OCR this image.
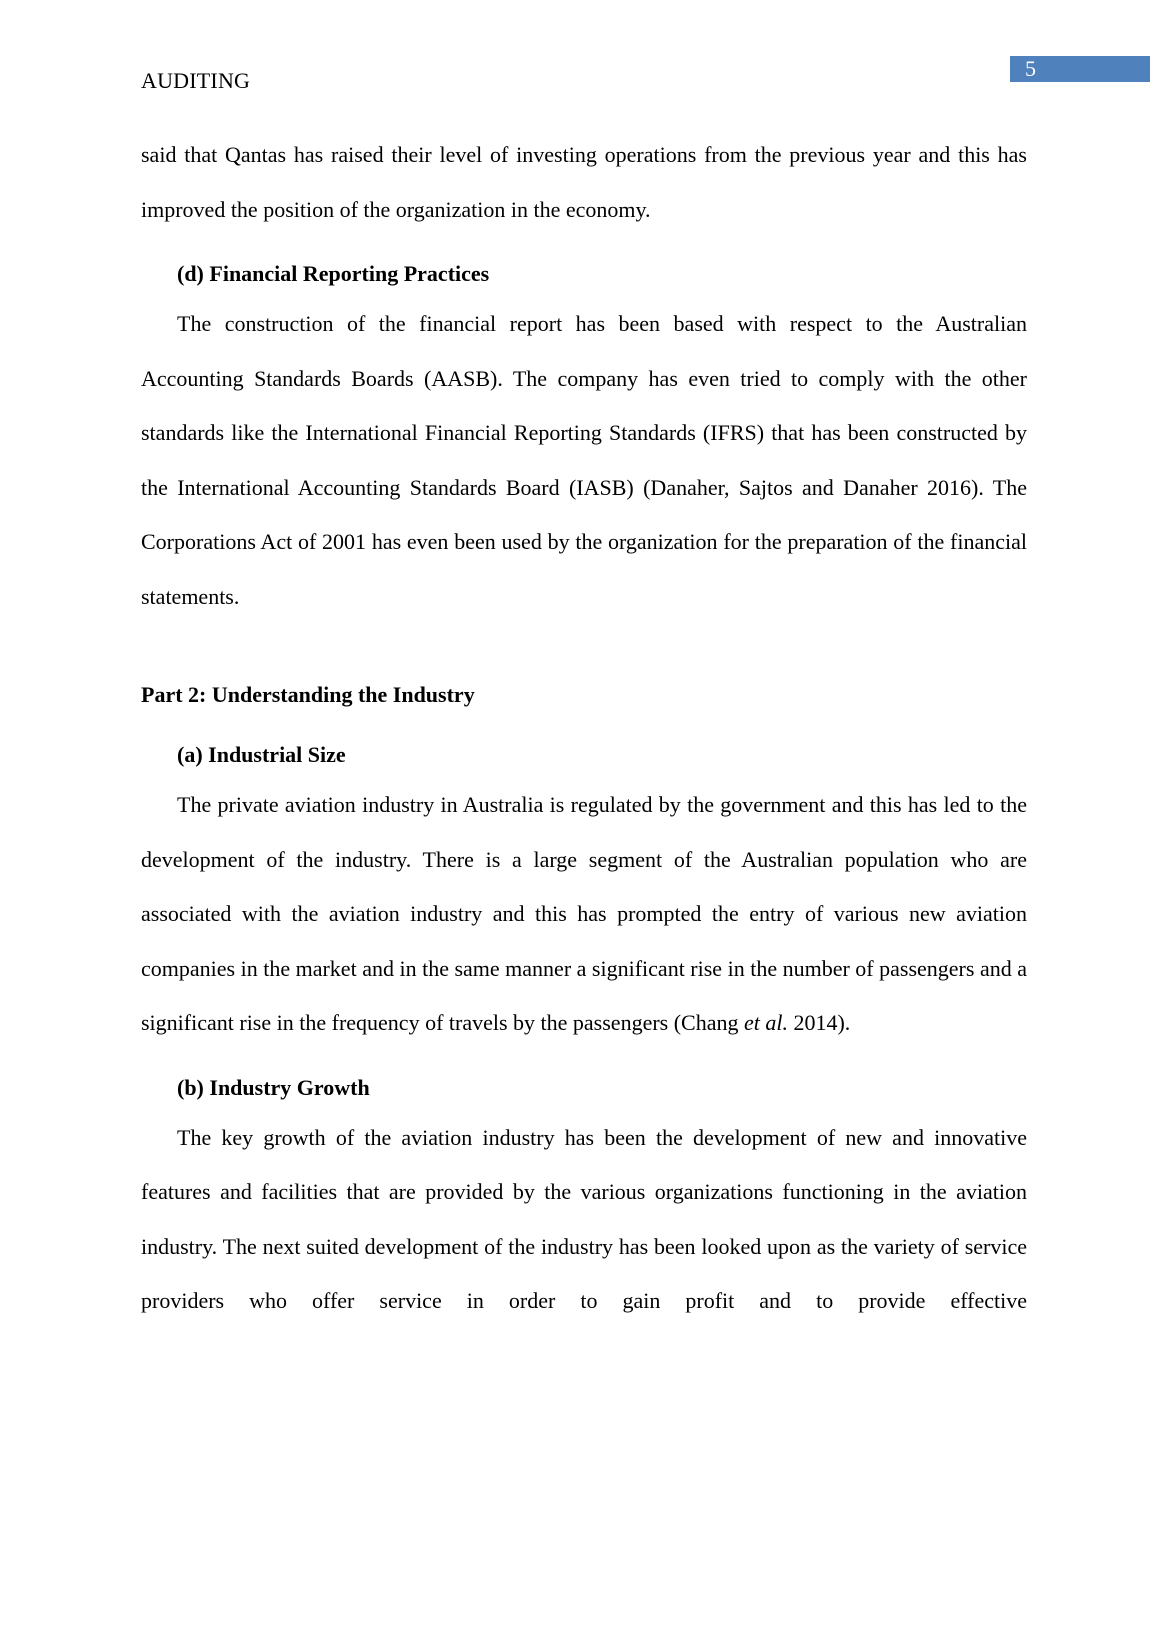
AUDITING	5

said that Qantas has raised their level of investing operations from the previous year and this has improved the position of the organization in the economy.

(d) Financial Reporting Practices

The construction of the financial report has been based with respect to the Australian Accounting Standards Boards (AASB). The company has even tried to comply with the other standards like the International Financial Reporting Standards (IFRS) that has been constructed by the International Accounting Standards Board (IASB) (Danaher, Sajtos and Danaher 2016). The Corporations Act of 2001 has even been used by the organization for the preparation of the financial statements.

Part 2: Understanding the Industry
(a) Industrial Size

The private aviation industry in Australia is regulated by the government and this has led to the development of the industry. There is a large segment of the Australian population who are associated with the aviation industry and this has prompted the entry of various new aviation companies in the market and in the same manner a significant rise in the number of passengers and a significant rise in the frequency of travels by the passengers (Chang et al. 2014).

(b) Industry Growth

The key growth of the aviation industry has been the development of new and innovative features and facilities that are provided by the various organizations functioning in the aviation industry. The next suited development of the industry has been looked upon as the variety of service providers who offer service in order to gain profit and to provide effective
